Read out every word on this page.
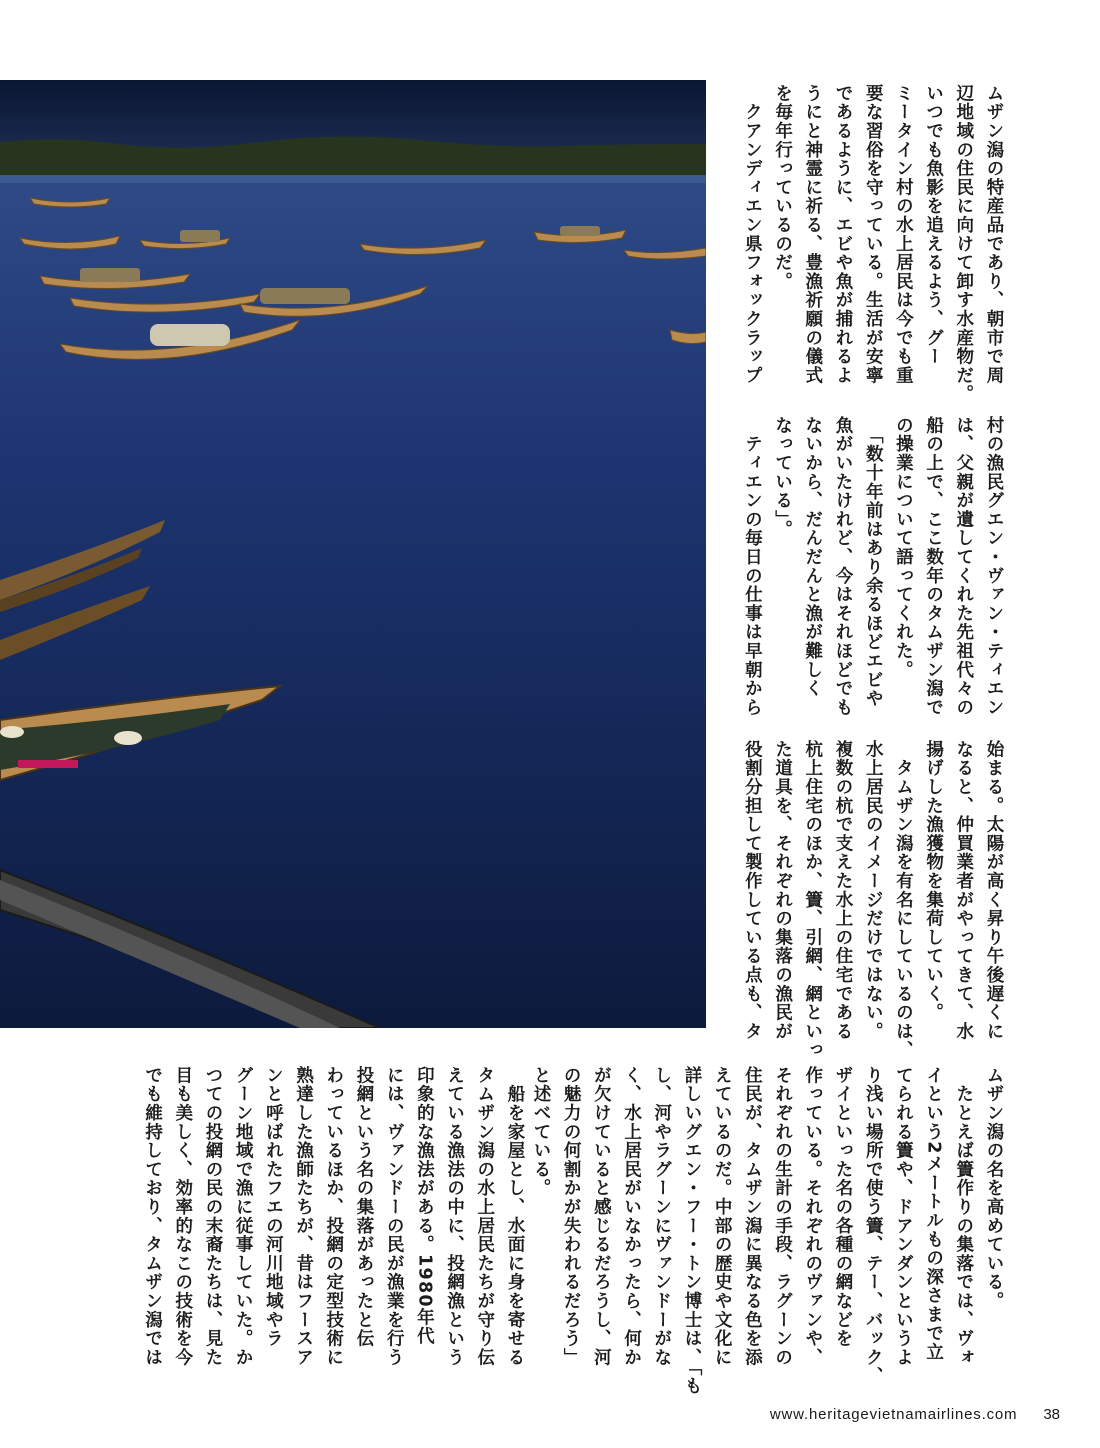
ムザン潟の特産品であり、朝市で周
辺地域の住民に向けて卸す水産物だ。
いつでも魚影を追えるよう、グー
ミータイン村の水上居民は今でも重
要な習俗を守っている。生活が安寧
であるように、エビや魚が捕れるよ
うにと神霊に祈る、豊漁祈願の儀式
を毎年行っているのだ。
　クアンディエン県フォックラップ
村の漁民グエン・ヴァン・ティエン
は、父親が遺してくれた先祖代々の
船の上で、ここ数年のタムザン潟で
の操業について語ってくれた。
　「数十年前はあり余るほどエビや
魚がいたけれど、今はそれほどでも
ないから、だんだんと漁が難しく
なっている」。
　ティエンの毎日の仕事は早朝から
始まる。太陽が高く昇り午後遅くに
なると、仲買業者がやってきて、水
揚げした漁獲物を集荷していく。
　タムザン潟を有名にしているのは、
水上居民のイメージだけではない。
複数の杭で支えた水上の住宅である
杭上住宅のほか、簀、引網、網といっ
た道具を、それぞれの集落の漁民が
役割分担して製作している点も、タ
ムザン潟の名を高めている。
　たとえば簀作りの集落では、ヴォ
イという2メートルもの深さまで立
てられる簀や、ドアンダンというよ
り浅い場所で使う簀、テー、バック、
ザイといった名の各種の網などを
作っている。それぞれのヴァンや、
それぞれの生計の手段、ラグーンの
住民が、タムザン潟に異なる色を添
えているのだ。中部の歴史や文化に
詳しいグエン・フー・トン博士は、「も
し、河やラグーンにヴァンドーがな
く、水上居民がいなかったら、何か
が欠けていると感じるだろうし、河
の魅力の何割かが失われるだろう」
と述べている。
　船を家屋とし、水面に身を寄せる
タムザン潟の水上居民たちが守り伝
えている漁法の中に、投網漁という
印象的な漁法がある。1980年代
には、ヴァンドーの民が漁業を行う
投網という名の集落があったと伝
わっているほか、投網の定型技術に
熟達した漁師たちが、昔はフースア
ンと呼ばれたフエの河川地域やラ
グーン地域で漁に従事していた。か
つての投網の民の末裔たちは、見た
目も美しく、効率的なこの技術を今
でも維持しており、タムザン潟では
www.heritagevietnamairlines.com 38
